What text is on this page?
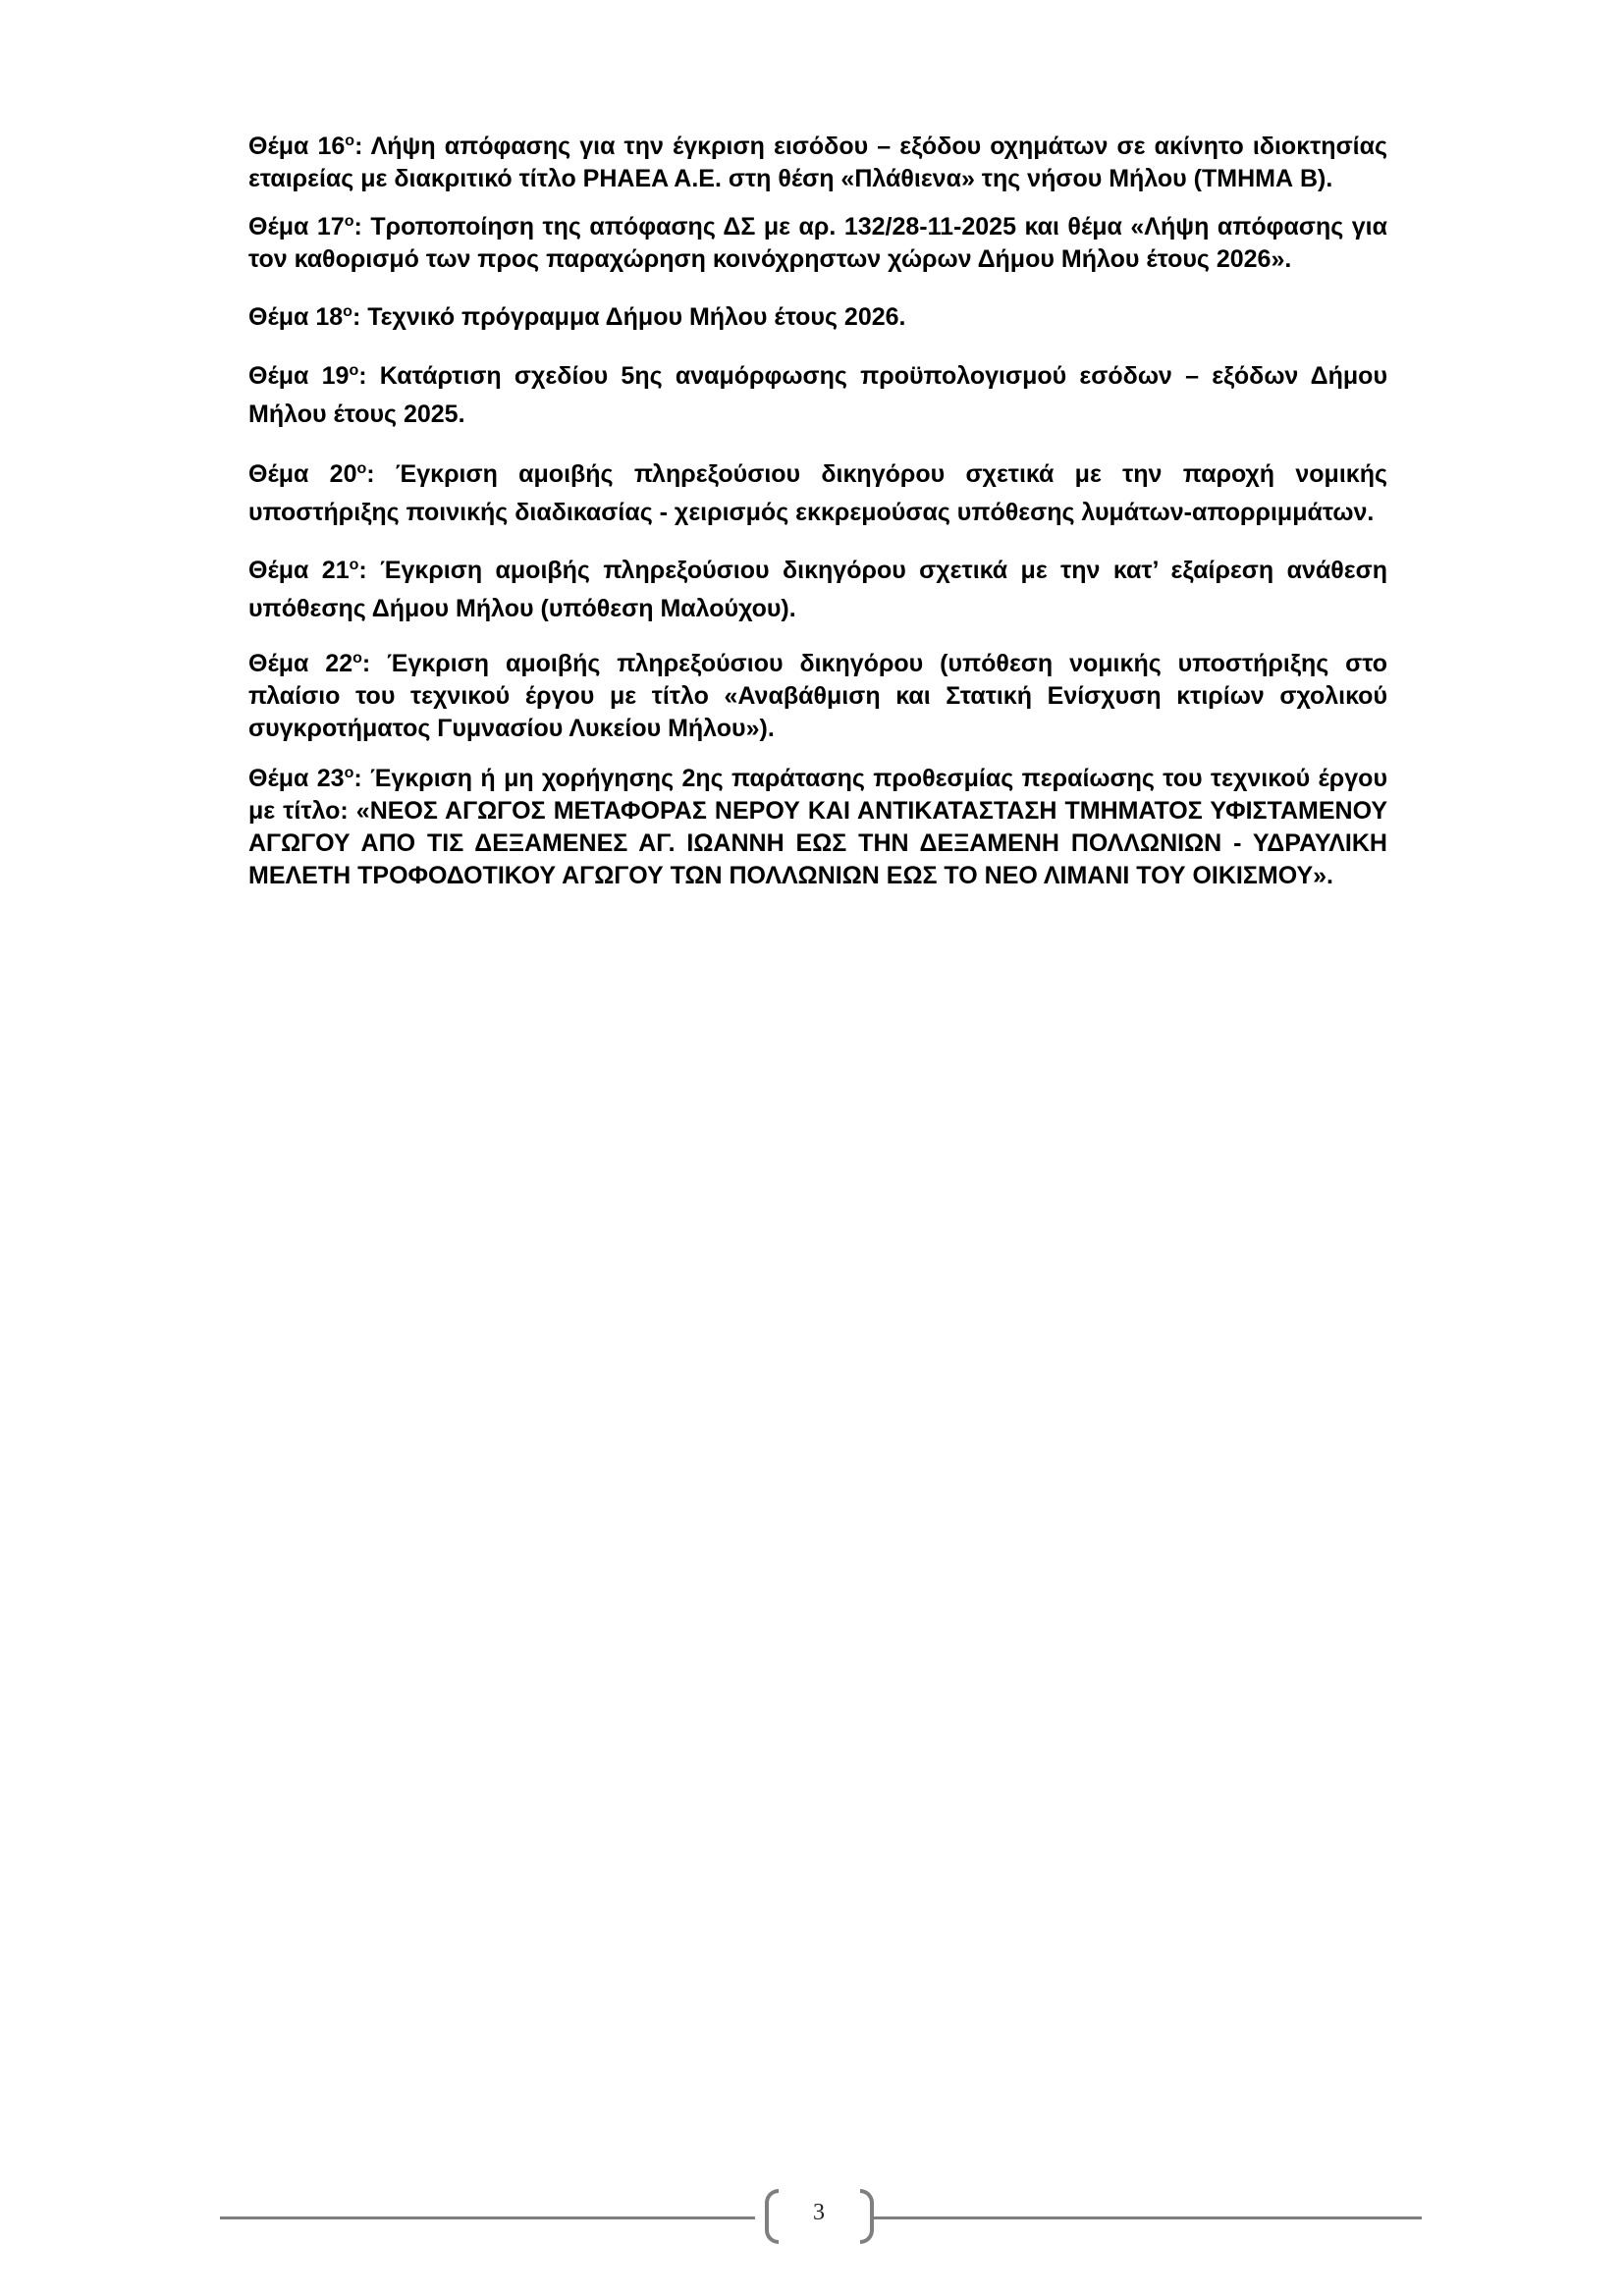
Θέμα $16^o$: Λήψη απόφασης για την έγκριση εισόδου – εξόδου οχημάτων σε ακίνητο ιδιοκτησίας εταιρείας με διακριτικό τίτλο PHAEA A.E. στη θέση «Πλάθιενα» της νήσου Μήλου (ΤΜΗΜΑ Β).

Θέμα $17^o$: Τροποποίηση της απόφασης ΔΣ με αρ. 132/28-11-2025 και θέμα «Λήψη απόφασης για τον καθορισμό των προς παραχώρηση κοινόχρηστων χώρων Δήμου Μήλου έτους 2026».

Θέμα $18^o$: Τεχνικό πρόγραμμα Δήμου Μήλου έτους 2026.

Θέμα $19^o$: Κατάρτιση σχεδίου 5ης αναμόρφωσης προϋπολογισμού εσόδων – εξόδων Δήμου Μήλου έτους 2025.

Θέμα $20^o$: Έγκριση αμοιβής πληρεξούσιου δικηγόρου σχετικά με την παροχή νομικής υποστήριξης ποινικής διαδικασίας - χειρισμός εκκρεμούσας υπόθεσης λυμάτων-απορριμμάτων.

Θέμα $21^o$: Έγκριση αμοιβής πληρεξούσιου δικηγόρου σχετικά με την κατ’ εξαίρεση ανάθεση υπόθεσης Δήμου Μήλου (υπόθεση Μαλούχου).

Θέμα $22^o$: Έγκριση αμοιβής πληρεξούσιου δικηγόρου (υπόθεση νομικής υποστήριξης στο πλαίσιο του τεχνικού έργου με τίτλο «Αναβάθμιση και Στατική Ενίσχυση κτιρίων σχολικού συγκροτήματος Γυμνασίου Λυκείου Μήλου»).

Θέμα $23^o$: Έγκριση ή μη χορήγησης 2ης παράτασης προθεσμίας περαίωσης του τεχνικού έργου με τίτλο: «ΝΕΟΣ ΑΓΩΓΟΣ ΜΕΤΑΦΟΡΑΣ ΝΕΡΟΥ ΚΑΙ ΑΝΤΙΚΑΤΑΣΤΑΣΗ ΤΜΗΜΑΤΟΣ ΥΦΙΣΤΑΜΕΝΟΥ ΑΓΩΓΟΥ ΑΠΟ ΤΙΣ ΔΕΞΑΜΕΝΕΣ ΑΓ. ΙΩΑΝΝΗ ΕΩΣ ΤΗΝ ΔΕΞΑΜΕΝΗ ΠΟΛΛΩΝΙΩΝ - ΥΔΡΑΥΛΙΚΗ ΜΕΛΕΤΗ ΤΡΟΦΟΔΟΤΙΚΟΥ ΑΓΩΓΟΥ ΤΩΝ ΠΟΛΛΩΝΙΩΝ ΕΩΣ ΤΟ ΝΕΟ ΛΙΜΑΝΙ ΤΟΥ ΟΙΚΙΣΜΟΥ».

3
